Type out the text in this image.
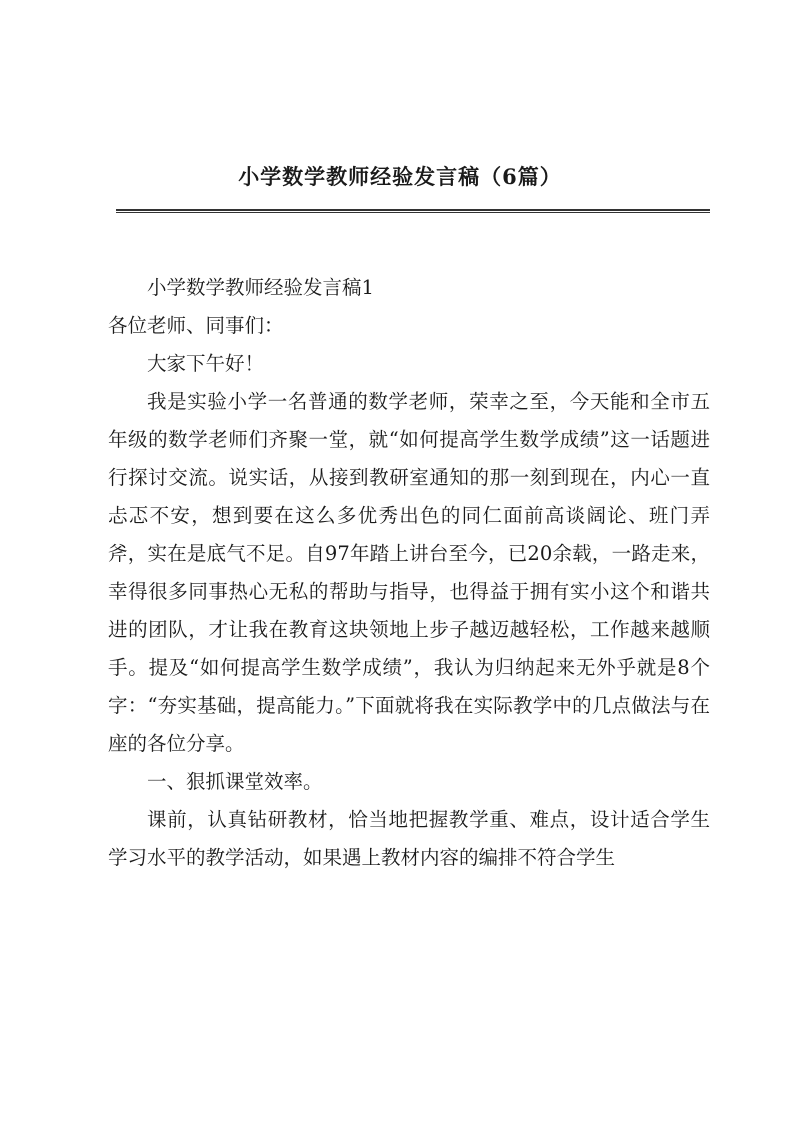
小学数学教师经验发言稿（6篇）

小学数学教师经验发言稿1

各位老师、同事们：

大家下午好！

我是实验小学一名普通的数学老师，荣幸之至，今天能和全市五年级的数学老师们齐聚一堂，就“如何提高学生数学成绩”这一话题进行探讨交流。说实话，从接到教研室通知的那一刻到现在，内心一直忐忑不安，想到要在这么多优秀出色的同仁面前高谈阔论、班门弄斧，实在是底气不足。自97年踏上讲台至今，已20余载，一路走来，幸得很多同事热心无私的帮助与指导，也得益于拥有实小这个和谐共进的团队，才让我在教育这块领地上步子越迈越轻松，工作越来越顺手。提及“如何提高学生数学成绩”，我认为归纳起来无外乎就是8个字：“夯实基础，提高能力。”下面就将我在实际教学中的几点做法与在座的各位分享。

一、狠抓课堂效率。

课前，认真钻研教材，恰当地把握教学重、难点，设计适合学生学习水平的教学活动，如果遇上教材内容的编排不符合学生
